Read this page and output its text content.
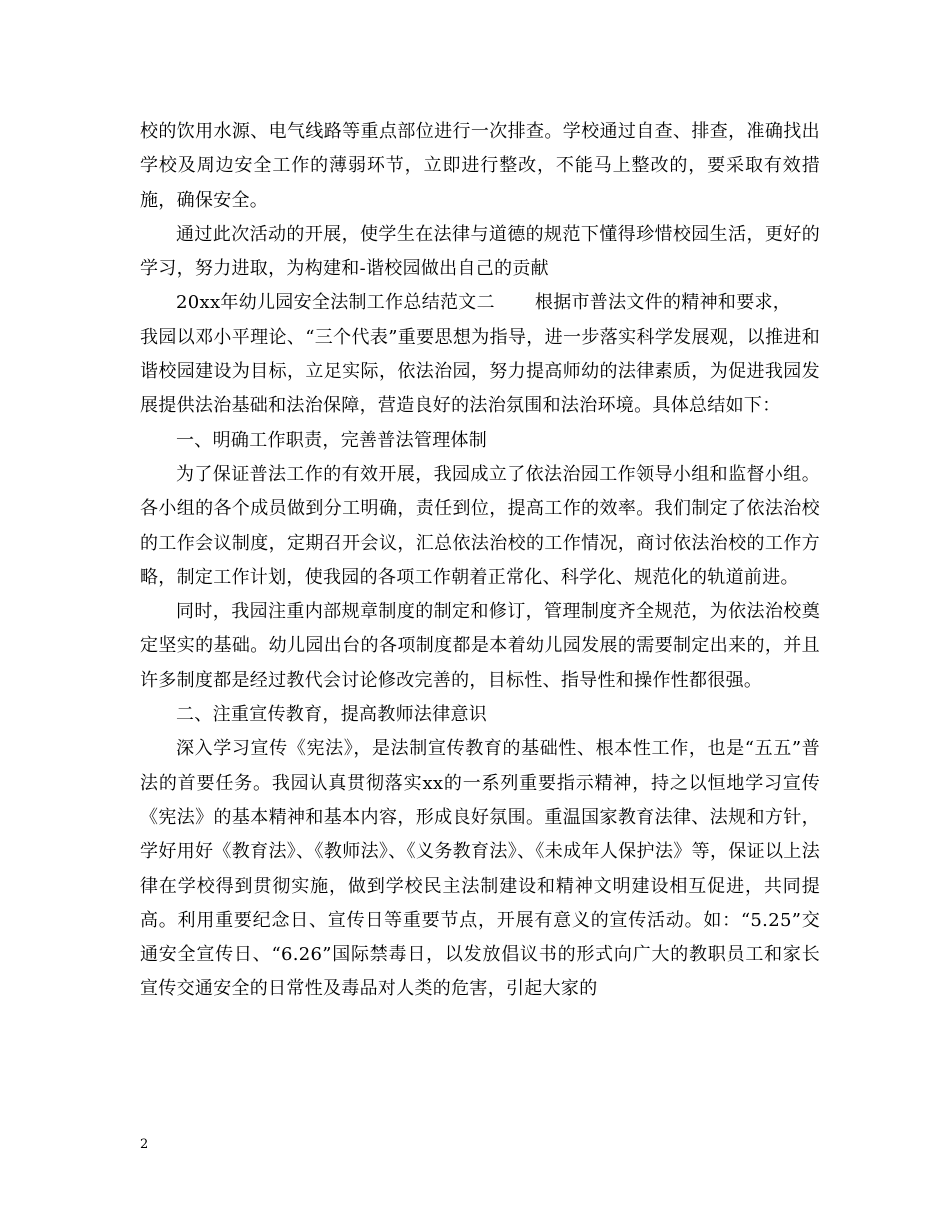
校的饮用水源、电气线路等重点部位进行一次排查。学校通过自查、排查，准确找出学校及周边安全工作的薄弱环节，立即进行整改，不能马上整改的，要采取有效措施，确保安全。

通过此次活动的开展，使学生在法律与道德的规范下懂得珍惜校园生活，更好的学习，努力进取，为构建和-谐校园做出自己的贡献

20xx年幼儿园安全法制工作总结范文二 根据市普法文件的精神和要求，

我园以邓小平理论、“三个代表”重要思想为指导，进一步落实科学发展观，以推进和谐校园建设为目标，立足实际，依法治园，努力提高师幼的法律素质，为促进我园发展提供法治基础和法治保障，营造良好的法治氛围和法治环境。具体总结如下：

一、明确工作职责，完善普法管理体制

为了保证普法工作的有效开展，我园成立了依法治园工作领导小组和监督小组。各小组的各个成员做到分工明确，责任到位，提高工作的效率。我们制定了依法治校的工作会议制度，定期召开会议，汇总依法治校的工作情况，商讨依法治校的工作方略，制定工作计划，使我园的各项工作朝着正常化、科学化、规范化的轨道前进。

同时，我园注重内部规章制度的制定和修订，管理制度齐全规范，为依法治校奠定坚实的基础。幼儿园出台的各项制度都是本着幼儿园发展的需要制定出来的，并且许多制度都是经过教代会讨论修改完善的，目标性、指导性和操作性都很强。

二、注重宣传教育，提高教师法律意识

深入学习宣传《宪法》，是法制宣传教育的基础性、根本性工作，也是“五五”普法的首要任务。我园认真贯彻落实xx的一系列重要指示精神，持之以恒地学习宣传《宪法》的基本精神和基本内容，形成良好氛围。重温国家教育法律、法规和方针，学好用好《教育法》、《教师法》、《义务教育法》、《未成年人保护法》等，保证以上法律在学校得到贯彻实施，做到学校民主法制建设和精神文明建设相互促进，共同提高。利用重要纪念日、宣传日等重要节点，开展有意义的宣传活动。如：“5.25”交通安全宣传日、“6.26”国际禁毒日，以发放倡议书的形式向广大的教职员工和家长宣传交通安全的日常性及毒品对人类的危害，引起大家的

2
